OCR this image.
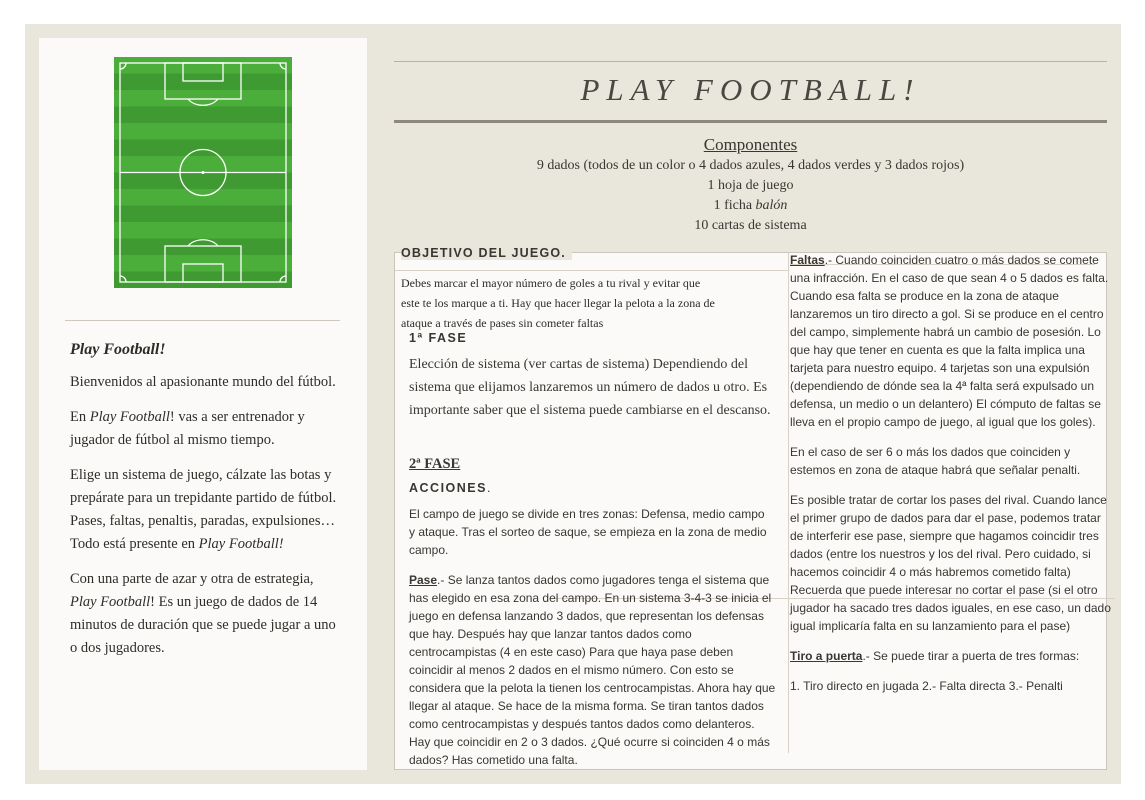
Play Football!

Bienvenidos al apasionante mundo del fútbol.

En Play Football! vas a ser entrenador y jugador de fútbol al mismo tiempo.

Elige un sistema de juego, cálzate las botas y prepárate para un trepidante partido de fútbol. Pases, faltas, penaltis, paradas, expulsiones…Todo está presente en Play Football!

Con una parte de azar y otra de estrategia, Play Football! Es un juego de dados de 14 minutos de duración que se puede jugar a uno o dos jugadores.

PLAY FOOTBALL!
Componentes
9 dados (todos de un color o 4 dados azules, 4 dados verdes y 3 dados rojos)
1 hoja de juego
1 ficha balón
10 cartas de sistema
OBJETIVO DEL JUEGO.
Debes marcar el mayor número de goles a tu rival y evitar que este te los marque a ti. Hay que hacer llegar la pelota a la zona de ataque a través de pases sin cometer faltas
1ª FASE
Elección de sistema (ver cartas de sistema) Dependiendo del sistema que elijamos lanzaremos un número de dados u otro. Es importante saber que el sistema puede cambiarse en el descanso.
2ª FASE
ACCIONES.
El campo de juego se divide en tres zonas: Defensa, medio campo y ataque. Tras el sorteo de saque, se empieza en la zona de medio campo.
Pase.- Se lanza tantos dados como jugadores tenga el sistema que has elegido en esa zona del campo. En un sistema 3-4-3 se inicia el juego en defensa lanzando 3 dados, que representan los defensas que hay. Después hay que lanzar tantos dados como centrocampistas (4 en este caso) Para que haya pase deben coincidir al menos 2 dados en el mismo número. Con esto se considera que la pelota la tienen los centrocampistas. Ahora hay que llegar al ataque. Se hace de la misma forma. Se tiran tantos dados como centrocampistas y después tantos dados como delanteros. Hay que coincidir en 2 o 3 dados. ¿Qué ocurre si coinciden 4 o más dados? Has cometido una falta.

Faltas.- Cuando coinciden cuatro o más dados se comete una infracción. En el caso de que sean 4 o 5 dados es falta. Cuando esa falta se produce en la zona de ataque lanzaremos un tiro directo a gol. Si se produce en el centro del campo, simplemente habrá un cambio de posesión. Lo que hay que tener en cuenta es que la falta implica una tarjeta para nuestro equipo. 4 tarjetas son una expulsión (dependiendo de dónde sea la 4ª falta será expulsado un defensa, un medio o un delantero) El cómputo de faltas se lleva en el propio campo de juego, al igual que los goles).

En el caso de ser 6 o más los dados que coinciden y estemos en zona de ataque habrá que señalar penalti.

Es posible tratar de cortar los pases del rival. Cuando lance el primer grupo de dados para dar el pase, podemos tratar de interferir ese pase, siempre que hagamos coincidir tres dados (entre los nuestros y los del rival. Pero cuidado, si hacemos coincidir 4 o más habremos cometido falta) Recuerda que puede interesar no cortar el pase (si el otro jugador ha sacado tres dados iguales, en ese caso, un dado igual implicaría falta en su lanzamiento para el pase)

Tiro a puerta.- Se puede tirar a puerta de tres formas:

1. Tiro directo en jugada 2.- Falta directa 3.- Penalti
